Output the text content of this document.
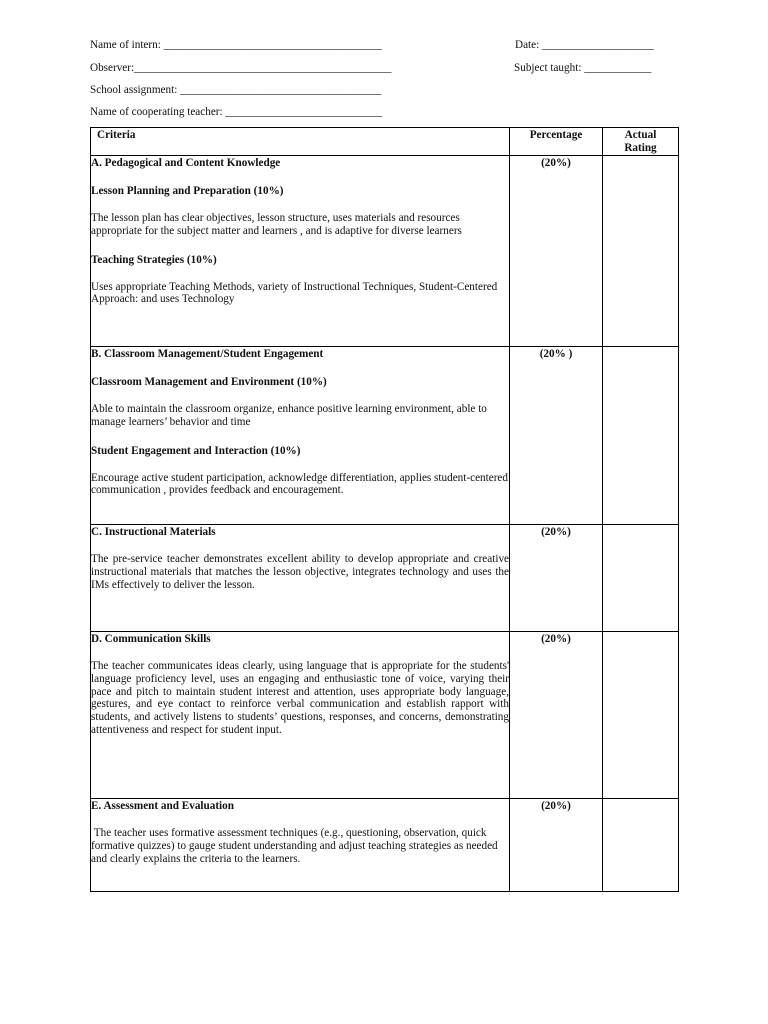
Name of intern: _______________________________________	Date: ____________________
Observer:______________________________________________	Subject taught: ____________
School assignment: ____________________________________
Name of cooperating teacher: ____________________________
Criteria	Percentage	Actual
Rating

A. Pedagogical and Content Knowledge
Lesson Planning and Preparation (10%)
The lesson plan has clear objectives, lesson structure, uses materials and resources appropriate for the subject matter and learners , and is adaptive for diverse learners
Teaching Strategies (10%)
Uses appropriate Teaching Methods, variety of Instructional Techniques, Student-Centered Approach: and uses Technology	(20%)	

B. Classroom Management/Student Engagement
Classroom Management and Environment (10%)
Able to maintain the classroom organize, enhance positive learning environment, able to manage learners’ behavior and time
Student Engagement and Interaction (10%)
Encourage active student participation, acknowledge differentiation, applies student-centered communication , provides feedback and encouragement.	(20% )	

C. Instructional Materials
The pre-service teacher demonstrates excellent ability to develop appropriate and creative instructional materials that matches the lesson objective, integrates technology and uses the IMs effectively to deliver the lesson.	(20%)	

D. Communication Skills
The teacher communicates ideas clearly, using language that is appropriate for the students' language proficiency level, uses an engaging and enthusiastic tone of voice, varying their pace and pitch to maintain student interest and attention, uses appropriate body language, gestures, and eye contact to reinforce verbal communication and establish rapport with students, and actively listens to students’ questions, responses, and concerns, demonstrating attentiveness and respect for student input.	(20%)	

E. Assessment and Evaluation
The teacher uses formative assessment techniques (e.g., questioning, observation, quick formative quizzes) to gauge student understanding and adjust teaching strategies as needed and clearly explains the criteria to the learners.	(20%)	
